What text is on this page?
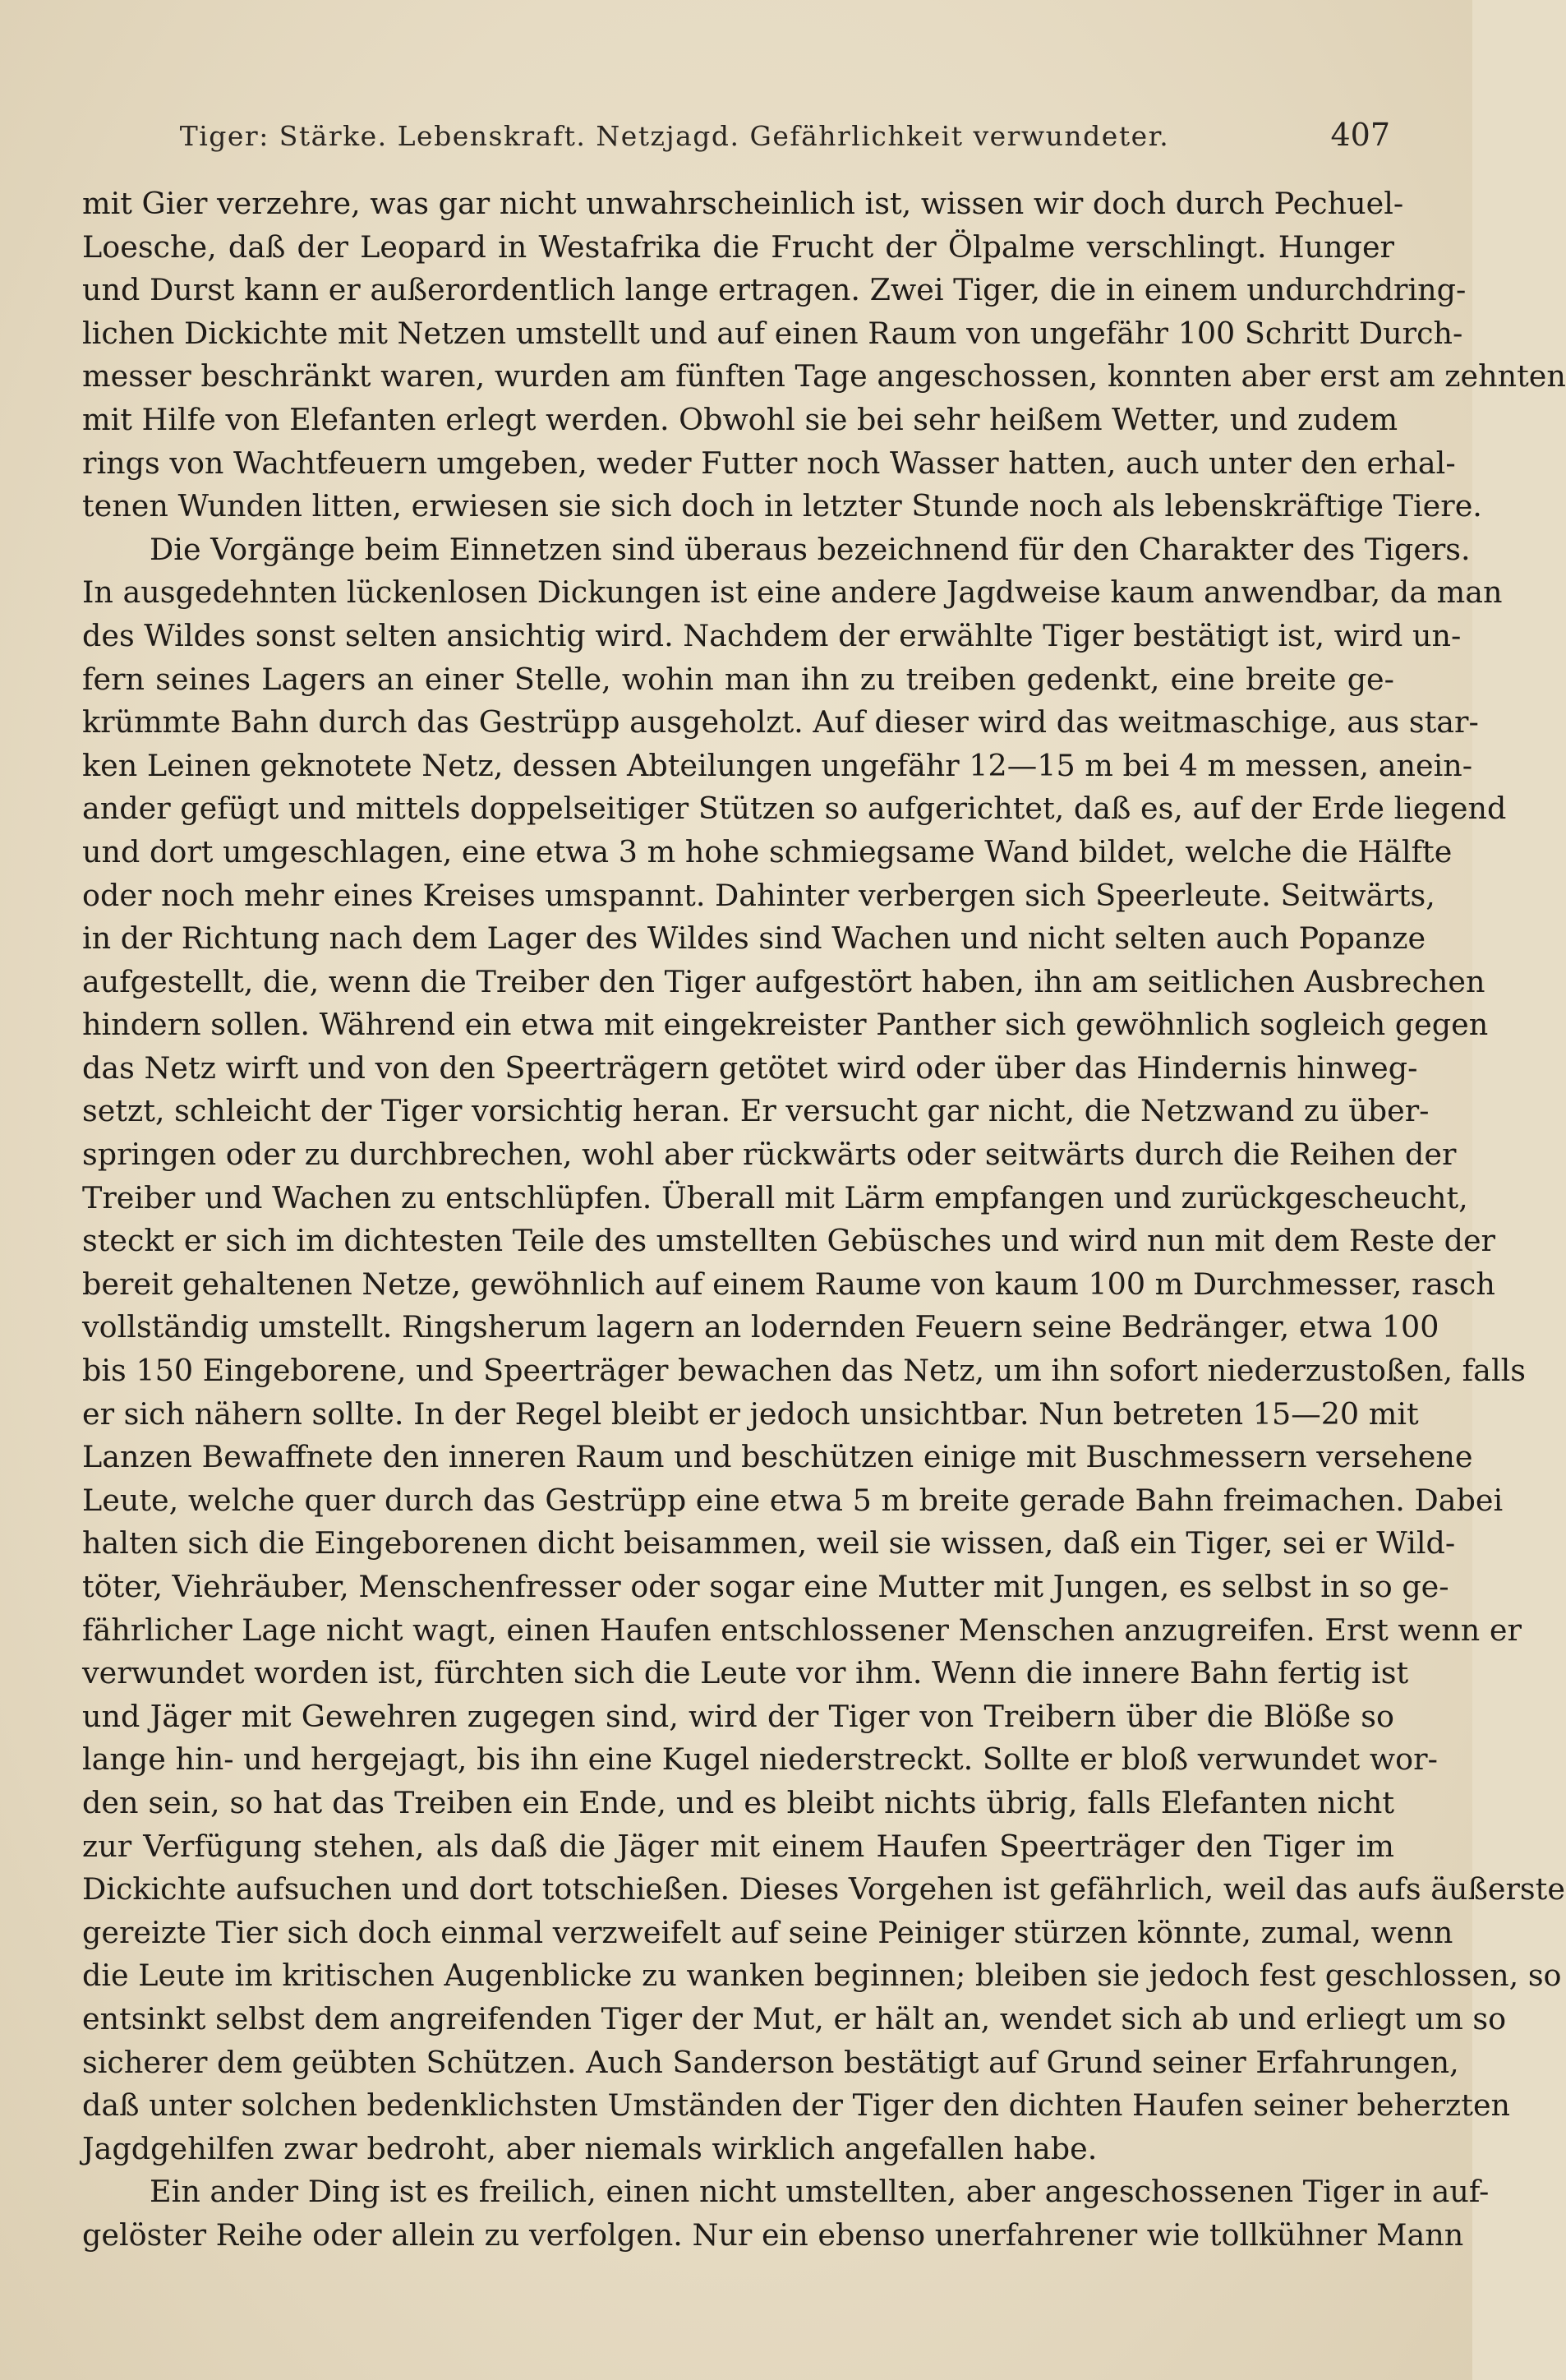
Tiger: Stärke. Lebenskraft. Netzjagd. Gefährlichkeit verwundeter.	407
mit Gier verzehre, was gar nicht unwahrscheinlich ist, wissen wir doch durch Pechuel-
Loesche, daß der Leopard in Westafrika die Frucht der Ölpalme verschlingt. Hunger
und Durst kann er außerordentlich lange ertragen. Zwei Tiger, die in einem undurchdring-
lichen Dickichte mit Netzen umstellt und auf einen Raum von ungefähr 100 Schritt Durch-
messer beschränkt waren, wurden am fünften Tage angeschossen, konnten aber erst am zehnten
mit Hilfe von Elefanten erlegt werden. Obwohl sie bei sehr heißem Wetter, und zudem
rings von Wachtfeuern umgeben, weder Futter noch Wasser hatten, auch unter den erhal-
tenen Wunden litten, erwiesen sie sich doch in letzter Stunde noch als lebenskräftige Tiere.
Die Vorgänge beim Einnetzen sind überaus bezeichnend für den Charakter des Tigers.
In ausgedehnten lückenlosen Dickungen ist eine andere Jagdweise kaum anwendbar, da man
des Wildes sonst selten ansichtig wird. Nachdem der erwählte Tiger bestätigt ist, wird un-
fern seines Lagers an einer Stelle, wohin man ihn zu treiben gedenkt, eine breite ge-
krümmte Bahn durch das Gestrüpp ausgeholzt. Auf dieser wird das weitmaschige, aus star-
ken Leinen geknotete Netz, dessen Abteilungen ungefähr 12—15 m bei 4 m messen, anein-
ander gefügt und mittels doppelseitiger Stützen so aufgerichtet, daß es, auf der Erde liegend
und dort umgeschlagen, eine etwa 3 m hohe schmiegsame Wand bildet, welche die Hälfte
oder noch mehr eines Kreises umspannt. Dahinter verbergen sich Speerleute. Seitwärts,
in der Richtung nach dem Lager des Wildes sind Wachen und nicht selten auch Popanze
aufgestellt, die, wenn die Treiber den Tiger aufgestört haben, ihn am seitlichen Ausbrechen
hindern sollen. Während ein etwa mit eingekreister Panther sich gewöhnlich sogleich gegen
das Netz wirft und von den Speerträgern getötet wird oder über das Hindernis hinweg-
setzt, schleicht der Tiger vorsichtig heran. Er versucht gar nicht, die Netzwand zu über-
springen oder zu durchbrechen, wohl aber rückwärts oder seitwärts durch die Reihen der
Treiber und Wachen zu entschlüpfen. Überall mit Lärm empfangen und zurückgescheucht,
steckt er sich im dichtesten Teile des umstellten Gebüsches und wird nun mit dem Reste der
bereit gehaltenen Netze, gewöhnlich auf einem Raume von kaum 100 m Durchmesser, rasch
vollständig umstellt. Ringsherum lagern an lodernden Feuern seine Bedränger, etwa 100
bis 150 Eingeborene, und Speerträger bewachen das Netz, um ihn sofort niederzustoßen, falls
er sich nähern sollte. In der Regel bleibt er jedoch unsichtbar. Nun betreten 15—20 mit
Lanzen Bewaffnete den inneren Raum und beschützen einige mit Buschmessern versehene
Leute, welche quer durch das Gestrüpp eine etwa 5 m breite gerade Bahn freimachen. Dabei
halten sich die Eingeborenen dicht beisammen, weil sie wissen, daß ein Tiger, sei er Wild-
töter, Viehräuber, Menschenfresser oder sogar eine Mutter mit Jungen, es selbst in so ge-
fährlicher Lage nicht wagt, einen Haufen entschlossener Menschen anzugreifen. Erst wenn er
verwundet worden ist, fürchten sich die Leute vor ihm. Wenn die innere Bahn fertig ist
und Jäger mit Gewehren zugegen sind, wird der Tiger von Treibern über die Blöße so
lange hin- und hergejagt, bis ihn eine Kugel niederstreckt. Sollte er bloß verwundet wor-
den sein, so hat das Treiben ein Ende, und es bleibt nichts übrig, falls Elefanten nicht
zur Verfügung stehen, als daß die Jäger mit einem Haufen Speerträger den Tiger im
Dickichte aufsuchen und dort totschießen. Dieses Vorgehen ist gefährlich, weil das aufs äußerste
gereizte Tier sich doch einmal verzweifelt auf seine Peiniger stürzen könnte, zumal, wenn
die Leute im kritischen Augenblicke zu wanken beginnen; bleiben sie jedoch fest geschlossen, so
entsinkt selbst dem angreifenden Tiger der Mut, er hält an, wendet sich ab und erliegt um so
sicherer dem geübten Schützen. Auch Sanderson bestätigt auf Grund seiner Erfahrungen,
daß unter solchen bedenklichsten Umständen der Tiger den dichten Haufen seiner beherzten
Jagdgehilfen zwar bedroht, aber niemals wirklich angefallen habe.
Ein ander Ding ist es freilich, einen nicht umstellten, aber angeschossenen Tiger in auf-
gelöster Reihe oder allein zu verfolgen. Nur ein ebenso unerfahrener wie tollkühner Mann
